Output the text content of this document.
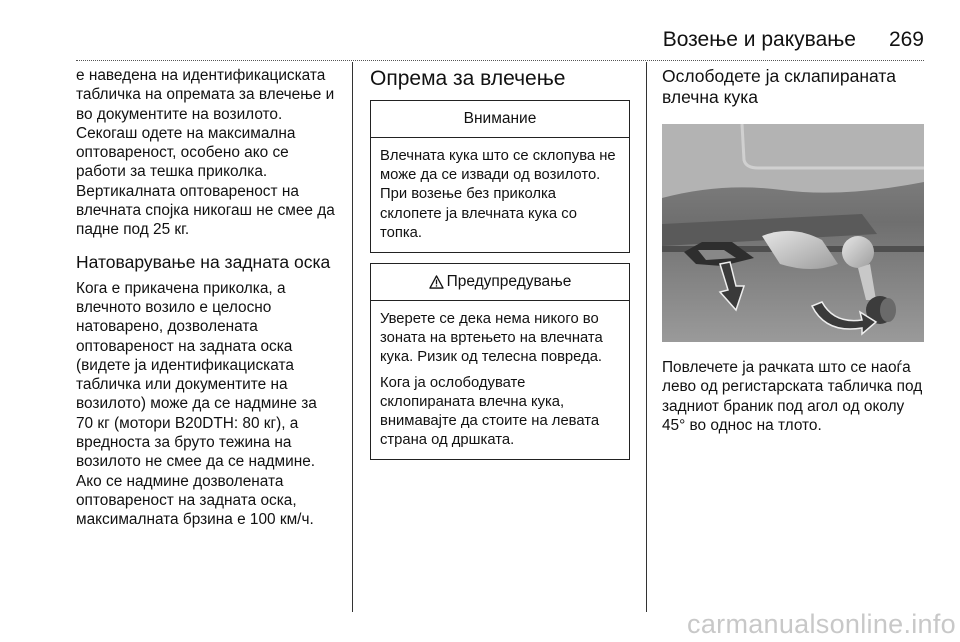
Возење и ракување	269

е наведена на идентификациската табличка на опремата за влечење и во документите на возилото. Секогаш одете на максимална оптовареност, особено ако се работи за тешка приколка. Вертикалната оптовареност на влечната спојка никогаш не смее да падне под 25 кг.

Натоварување на задната оска

Кога е прикачена приколка, а влечното возило е целосно натоварено, дозволената оптовареност на задната оска (видете ја идентификациската табличка или документите на возилото) може да се надмине за 70 кг (мотори B20DTH: 80 кг), а вредноста за бруто тежина на возилото не смее да се надмине. Ако се надмине дозволената оптовареност на задната оска, максималната брзина е 100 км/ч.

Опрема за влечење
Внимание

Влечната кука што се склопува не може да се извади од возилото. При возење без приколка склопете ја влечната кука со топка.

Предупредување

Уверете се дека нема никого во зоната на вртењето на влечната кука. Ризик од телесна повреда.

Кога ја ослободувате склопираната влечна кука, внимавајте да стоите на левата страна од дршката.

Ослободете ја склапираната влечна кука

Повлечете ја рачката што се наоѓа лево од регистарската табличка под задниот браник под агол од околу 45° во однос на тлото.

carmanualsonline.info
